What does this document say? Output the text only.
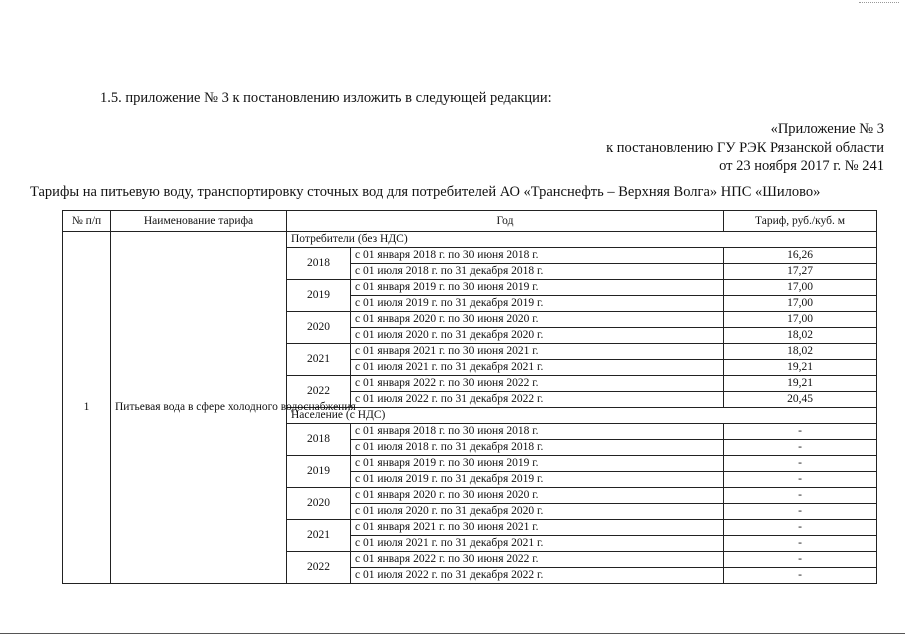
1.5. приложение № 3 к постановлению изложить в следующей редакции:
«Приложение № 3
к постановлению ГУ РЭК Рязанской области
от 23 ноября 2017 г. № 241
Тарифы на питьевую воду, транспортировку сточных вод для потребителей АО «Транснефть – Верхняя Волга» НПС «Шилово»
№ п/п	Наименование тарифа	Год		Тариф, руб./куб. м
1	Питьевая вода в сфере холодного водоснабжения	Потребители (без НДС)		
		2018	с 01 января 2018 г. по 30 июня 2018 г.	16,26
			с 01 июля 2018 г. по 31 декабря 2018 г.	17,27
		2019	с 01 января 2019 г. по 30 июня 2019 г.	17,00
			с 01 июля 2019 г. по 31 декабря 2019 г.	17,00
		2020	с 01 января 2020 г. по 30 июня 2020 г.	17,00
			с 01 июля 2020 г. по 31 декабря 2020 г.	18,02
		2021	с 01 января 2021 г. по 30 июня 2021 г.	18,02
			с 01 июля 2021 г. по 31 декабря 2021 г.	19,21
		2022	с 01 января 2022 г. по 30 июня 2022 г.	19,21
			с 01 июля 2022 г. по 31 декабря 2022 г.	20,45
		Население (с НДС)		
		2018	с 01 января 2018 г. по 30 июня 2018 г.	-
			с 01 июля 2018 г. по 31 декабря 2018 г.	-
		2019	с 01 января 2019 г. по 30 июня 2019 г.	-
			с 01 июля 2019 г. по 31 декабря 2019 г.	-
		2020	с 01 января 2020 г. по 30 июня 2020 г.	-
			с 01 июля 2020 г. по 31 декабря 2020 г.	-
		2021	с 01 января 2021 г. по 30 июня 2021 г.	-
			с 01 июля 2021 г. по 31 декабря 2021 г.	-
		2022	с 01 января 2022 г. по 30 июня 2022 г.	-
			с 01 июля 2022 г. по 31 декабря 2022 г.	-
